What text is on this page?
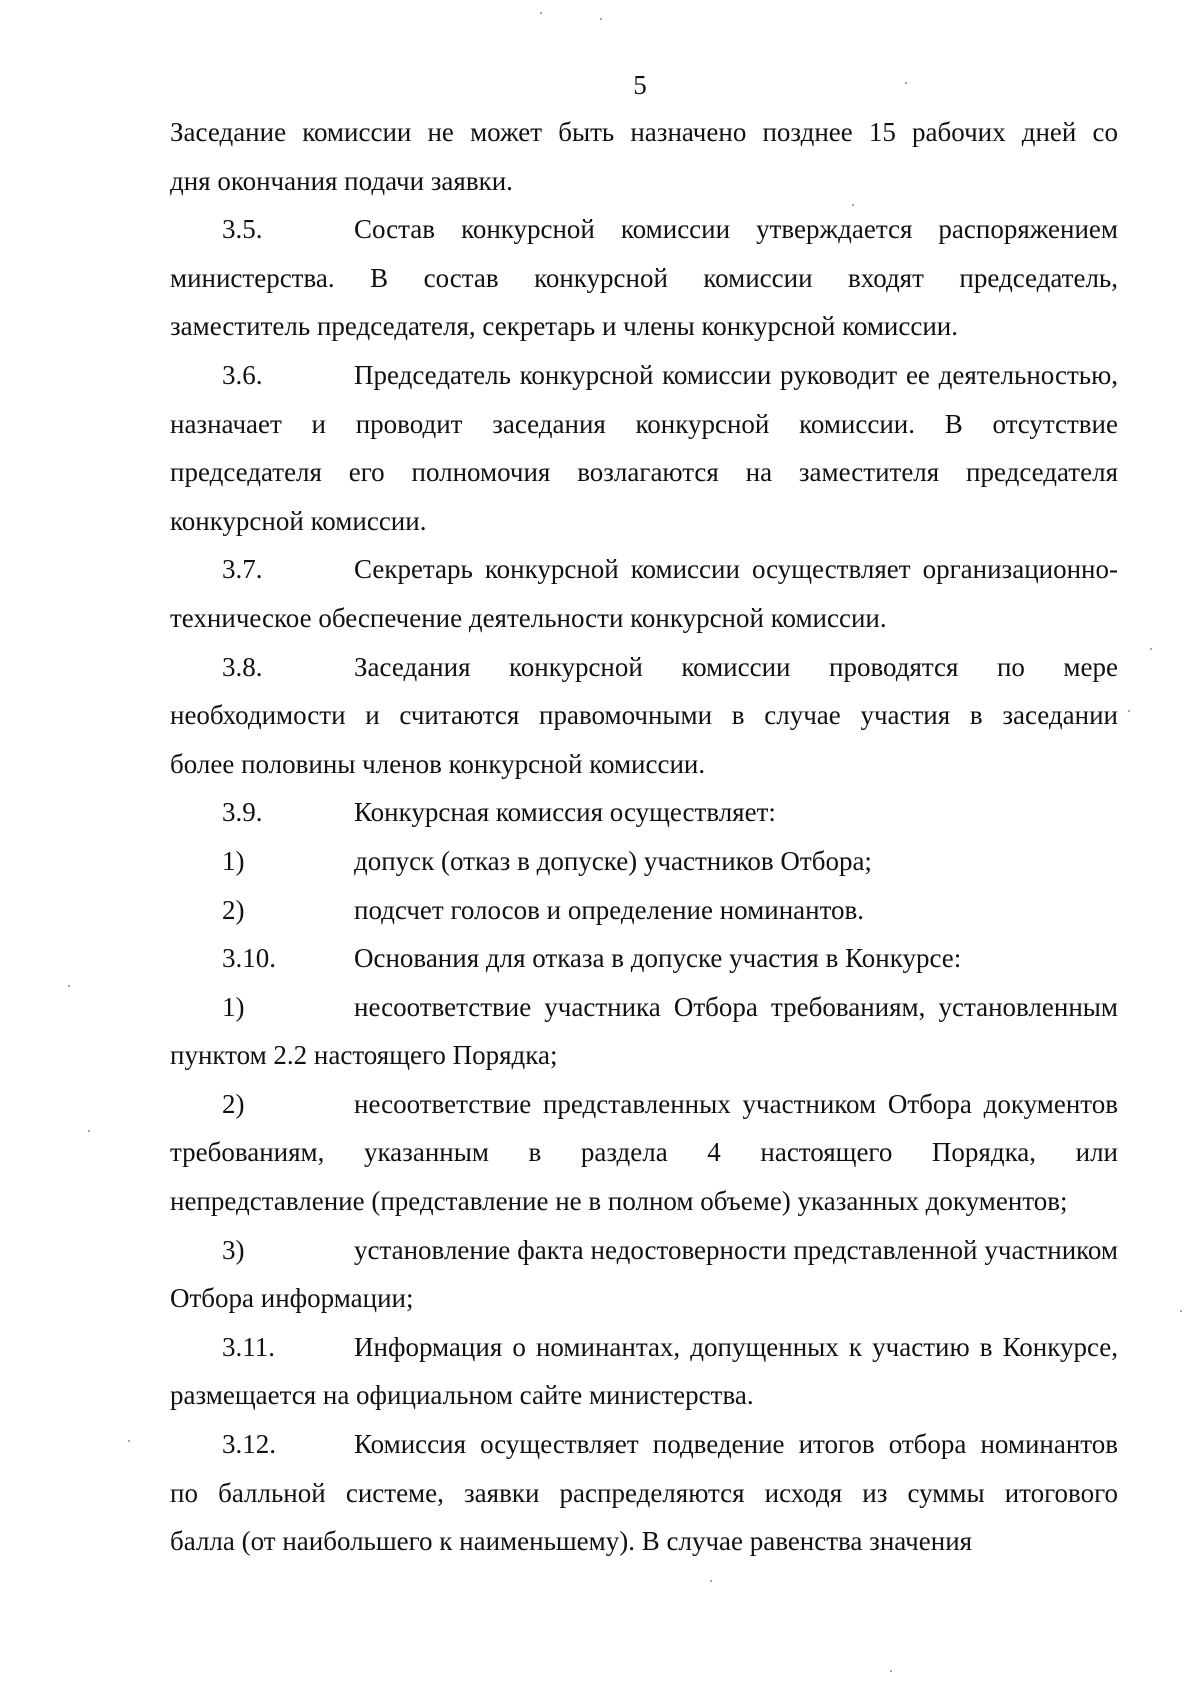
5
Заседание комиссии не может быть назначено позднее 15 рабочих дней со
дня окончания подачи заявки.
3.5.	Состав конкурсной комиссии утверждается распоряжением
министерства. В состав конкурсной комиссии входят председатель,
заместитель председателя, секретарь и члены конкурсной комиссии.
3.6.	Председатель конкурсной комиссии руководит ее деятельностью,
назначает и проводит заседания конкурсной комиссии. В отсутствие
председателя его полномочия возлагаются на заместителя председателя
конкурсной комиссии.
3.7.	Секретарь конкурсной комиссии осуществляет организационно-
техническое обеспечение деятельности конкурсной комиссии.
3.8.	Заседания конкурсной комиссии проводятся по мере
необходимости и считаются правомочными в случае участия в заседании
более половины членов конкурсной комиссии.
3.9.	Конкурсная комиссия осуществляет:
1)	допуск (отказ в допуске) участников Отбора;
2)	подсчет голосов и определение номинантов.
3.10.	Основания для отказа в допуске участия в Конкурсе:
1)	несоответствие участника Отбора требованиям, установленным
пунктом 2.2 настоящего Порядка;
2)	несоответствие представленных участником Отбора документов
требованиям, указанным в раздела 4 настоящего Порядка, или
непредставление (представление не в полном объеме) указанных документов;
3)	установление факта недостоверности представленной участником
Отбора информации;
3.11.	Информация о номинантах, допущенных к участию в Конкурсе,
размещается на официальном сайте министерства.
3.12.	Комиссия осуществляет подведение итогов отбора номинантов
по балльной системе, заявки распределяются исходя из суммы итогового
балла (от наибольшего к наименьшему). В случае равенства значения
